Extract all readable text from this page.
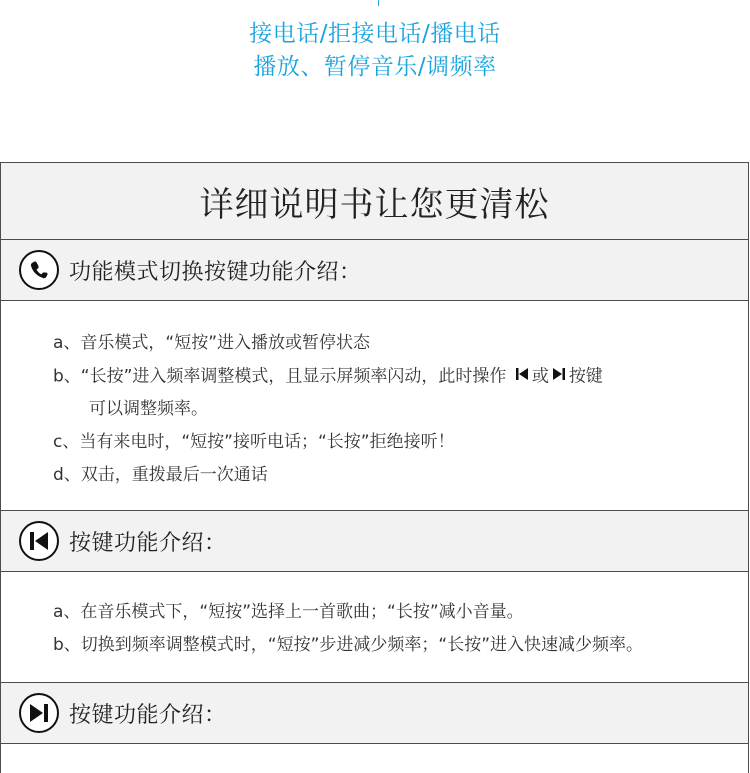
接电话/拒接电话/播电话
播放、暂停音乐/调频率
详细说明书让您更清松
功能模式切换按键功能介绍：
a、音乐模式，“短按”进入播放或暂停状态
b、“长按”进入频率调整模式，且显示屏频率闪动，此时操作 或 按键
可以调整频率。
c、当有来电时，“短按”接听电话；“长按”拒绝接听！
d、双击，重拨最后一次通话
按键功能介绍：
a、在音乐模式下，“短按”选择上一首歌曲；“长按”减小音量。
b、切换到频率调整模式时，“短按”步进减少频率；“长按”进入快速减少频率。
按键功能介绍：
